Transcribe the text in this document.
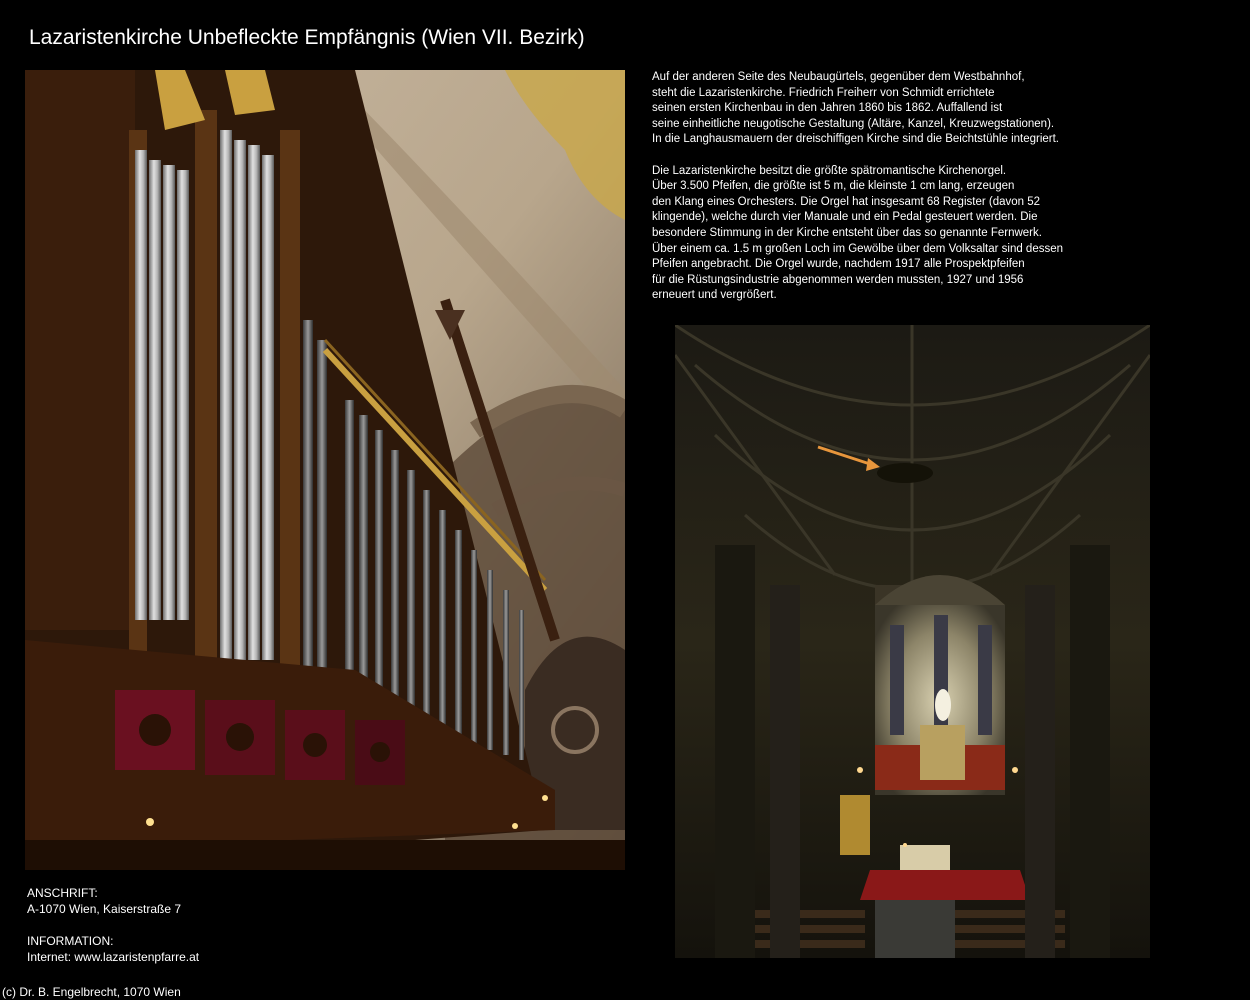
Lazaristenkirche Unbefleckte Empfängnis (Wien VII. Bezirk)
Auf der anderen Seite des Neubaugürtels, gegenüber dem Westbahnhof,
steht die Lazaristenkirche. Friedrich Freiherr von Schmidt errichtete
seinen ersten Kirchenbau in den Jahren 1860 bis 1862. Auffallend ist
seine einheitliche neugotische Gestaltung (Altäre, Kanzel, Kreuzwegstationen).
In die Langhausmauern der dreischiffigen Kirche sind die Beichtstühle integriert.
Die Lazaristenkirche besitzt die größte spätromantische Kirchenorgel.
Über 3.500 Pfeifen, die größte ist 5 m, die kleinste 1 cm lang, erzeugen
den Klang eines Orchesters. Die Orgel hat insgesamt 68 Register (davon 52
klingende), welche durch vier Manuale und ein Pedal gesteuert werden. Die
besondere Stimmung in der Kirche entsteht über das so genannte Fernwerk.
Über einem ca. 1.5 m großen Loch im Gewölbe über dem Volksaltar sind dessen
Pfeifen angebracht. Die Orgel wurde, nachdem 1917 alle Prospektpfeifen
für die Rüstungsindustrie abgenommen werden mussten, 1927 und 1956
erneuert und vergrößert.
ANSCHRIFT:
A-1070 Wien, Kaiserstraße 7
INFORMATION:
Internet: www.lazaristenpfarre.at
(c) Dr. B. Engelbrecht, 1070 Wien
